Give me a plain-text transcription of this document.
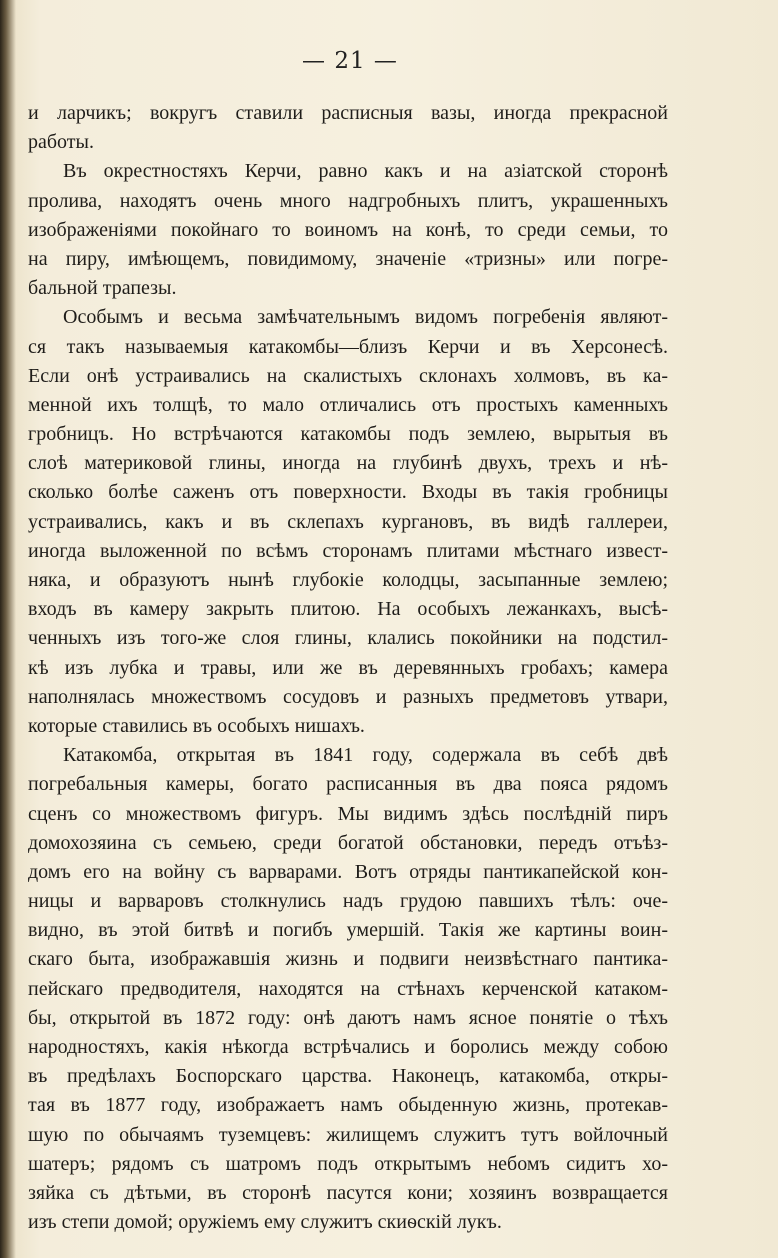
— 21 —
и ларчикъ; вокругъ ставили расписныя вазы, иногда прекрасной
работы.
Въ окрестностяхъ Керчи, равно какъ и на азіатской сторонѣ
пролива, находятъ очень много надгробныхъ плитъ, украшенныхъ
изображеніями покойнаго то воиномъ на конѣ, то среди семьи, то
на пиру, имѣющемъ, повидимому, значеніе «тризны» или погре-
бальной трапезы.
Особымъ и весьма замѣчательнымъ видомъ погребенія являют-
ся такъ называемыя катакомбы—близъ Керчи и въ Херсонесѣ.
Если онѣ устраивались на скалистыхъ склонахъ холмовъ, въ ка-
менной ихъ толщѣ, то мало отличались отъ простыхъ каменныхъ
гробницъ. Но встрѣчаются катакомбы подъ землею, вырытыя въ
слоѣ материковой глины, иногда на глубинѣ двухъ, трехъ и нѣ-
сколько болѣе саженъ отъ поверхности. Входы въ такія гробницы
устраивались, какъ и въ склепахъ кургановъ, въ видѣ галлереи,
иногда выложенной по всѣмъ сторонамъ плитами мѣстнаго извест-
няка, и образуютъ нынѣ глубокіе колодцы, засыпанные землею;
входъ въ камеру закрыть плитою. На особыхъ лежанкахъ, высѣ-
ченныхъ изъ того-же слоя глины, клались покойники на подстил-
кѣ изъ лубка и травы, или же въ деревянныхъ гробахъ; камера
наполнялась множествомъ сосудовъ и разныхъ предметовъ утвари,
которые ставились въ особыхъ нишахъ.
Катакомба, открытая въ 1841 году, содержала въ себѣ двѣ
погребальныя камеры, богато расписанныя въ два пояса рядомъ
сценъ со множествомъ фигуръ. Мы видимъ здѣсь послѣдній пиръ
домохозяина съ семьею, среди богатой обстановки, передъ отъѣз-
домъ его на войну съ варварами. Вотъ отряды пантикапейской кон-
ницы и варваровъ столкнулись надъ грудою павшихъ тѣлъ: оче-
видно, въ этой битвѣ и погибъ умершій. Такія же картины воин-
скаго быта, изображавшія жизнь и подвиги неизвѣстнаго пантика-
пейскаго предводителя, находятся на стѣнахъ керченской катаком-
бы, открытой въ 1872 году: онѣ даютъ намъ ясное понятіе о тѣхъ
народностяхъ, какія нѣкогда встрѣчались и боролись между собою
въ предѣлахъ Боспорскаго царства. Наконецъ, катакомба, откры-
тая въ 1877 году, изображаетъ намъ обыденную жизнь, протекав-
шую по обычаямъ туземцевъ: жилищемъ служитъ тутъ войлочный
шатеръ; рядомъ съ шатромъ подъ открытымъ небомъ сидитъ хо-
зяйка съ дѣтьми, въ сторонѣ пасутся кони; хозяинъ возвращается
изъ степи домой; оружіемъ ему служитъ скиѳскій лукъ.
